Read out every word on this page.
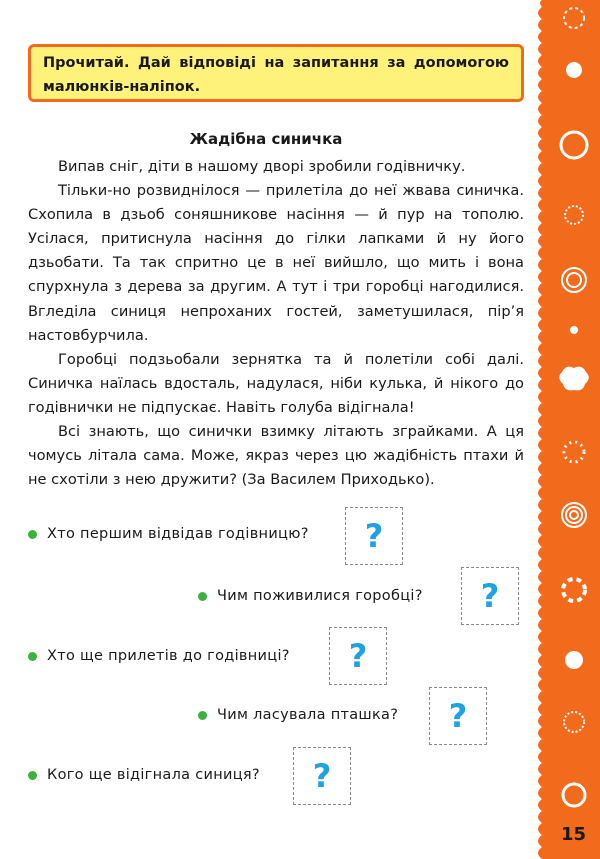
15
Прочитай. Дай відповіді на запитання за допомогою малюнків-наліпок.
Жадібна синичка

Випав сніг, діти в нашому дворі зробили годівничку.

Тільки-но розвиднілося — прилетіла до неї жвава синичка. Схопила в дзьоб соняшникове насіння — й пур на тополю. Усілася, притиснула насіння до гілки лапками й ну його дзьобати. Та так спритно це в неї вийшло, що мить і вона спурхнула з дерева за другим. А тут і три горобці нагодилися. Вгледіла синиця непроханих гостей, заметушилася, пір’я настовбурчила.

Горобці подзьобали зернятка та й полетіли собі далі. Синичка наїлась вдосталь, надулася, ніби кулька, й нікого до годівнички не підпускає. Навіть голуба відігнала!

Всі знають, що синички взимку літають зграйками. А ця чомусь літала сама. Може, якраз через цю жадібність птахи й не схотіли з нею дружити? (За Василем Приходько).

Хто першим відвідав годівницю?	?
Чим поживилися горобці?	?
Хто ще прилетів до годівниці?	?
Чим ласувала пташка?	?
Кого ще відігнала синиця?	?
